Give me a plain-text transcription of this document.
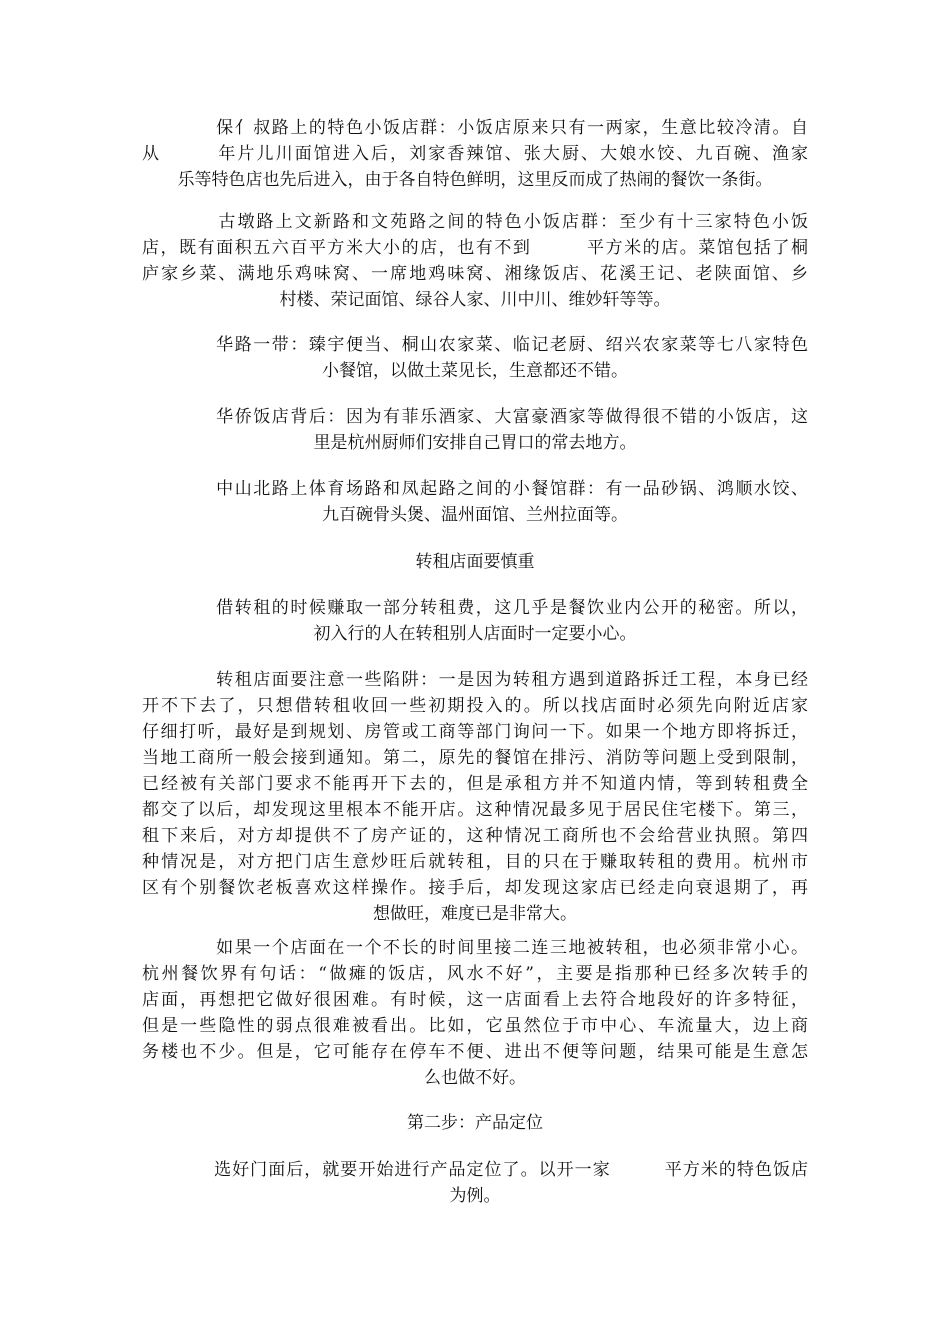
　　　　保亻叔路上的特色小饭店群：小饭店原来只有一两家，生意比较冷清。自
从　　　年片儿川面馆进入后，刘家香辣馆、张大厨、大娘水饺、九百碗、渔家
乐等特色店也先后进入，由于各自特色鲜明，这里反而成了热闹的餐饮一条街。
　　　　古墩路上文新路和文苑路之间的特色小饭店群：至少有十三家特色小饭
店，既有面积五六百平方米大小的店，也有不到　　　平方米的店。菜馆包括了桐
庐家乡菜、满地乐鸡味窝、一席地鸡味窝、湘缘饭店、花溪王记、老陕面馆、乡
村楼、荣记面馆、绿谷人家、川中川、维妙轩等等。
　　　　华路一带：臻宇便当、桐山农家菜、临记老厨、绍兴农家菜等七八家特色
小餐馆，以做土菜见长，生意都还不错。
　　　　华侨饭店背后：因为有菲乐酒家、大富豪酒家等做得很不错的小饭店，这
里是杭州厨师们安排自己胃口的常去地方。
　　　　中山北路上体育场路和凤起路之间的小餐馆群：有一品砂锅、鸿顺水饺、
九百碗骨头煲、温州面馆、兰州拉面等。
转租店面要慎重
　　　　借转租的时候赚取一部分转租费，这几乎是餐饮业内公开的秘密。所以，
初入行的人在转租别人店面时一定要小心。
　　　　转租店面要注意一些陷阱：一是因为转租方遇到道路拆迁工程，本身已经
开不下去了，只想借转租收回一些初期投入的。所以找店面时必须先向附近店家
仔细打听，最好是到规划、房管或工商等部门询问一下。如果一个地方即将拆迁，
当地工商所一般会接到通知。第二，原先的餐馆在排污、消防等问题上受到限制，
已经被有关部门要求不能再开下去的，但是承租方并不知道内情，等到转租费全
都交了以后，却发现这里根本不能开店。这种情况最多见于居民住宅楼下。第三，
租下来后，对方却提供不了房产证的，这种情况工商所也不会给营业执照。第四
种情况是，对方把门店生意炒旺后就转租，目的只在于赚取转租的费用。杭州市
区有个别餐饮老板喜欢这样操作。接手后，却发现这家店已经走向衰退期了，再
想做旺，难度已是非常大。
　　　　如果一个店面在一个不长的时间里接二连三地被转租，也必须非常小心。
杭州餐饮界有句话：“做瘫的饭店，风水不好”，主要是指那种已经多次转手的
店面，再想把它做好很困难。有时候，这一店面看上去符合地段好的许多特征，
但是一些隐性的弱点很难被看出。比如，它虽然位于市中心、车流量大，边上商
务楼也不少。但是，它可能存在停车不便、进出不便等问题，结果可能是生意怎
么也做不好。
第二步：产品定位
　　　　选好门面后，就要开始进行产品定位了。以开一家　　　平方米的特色饭店
为例。
